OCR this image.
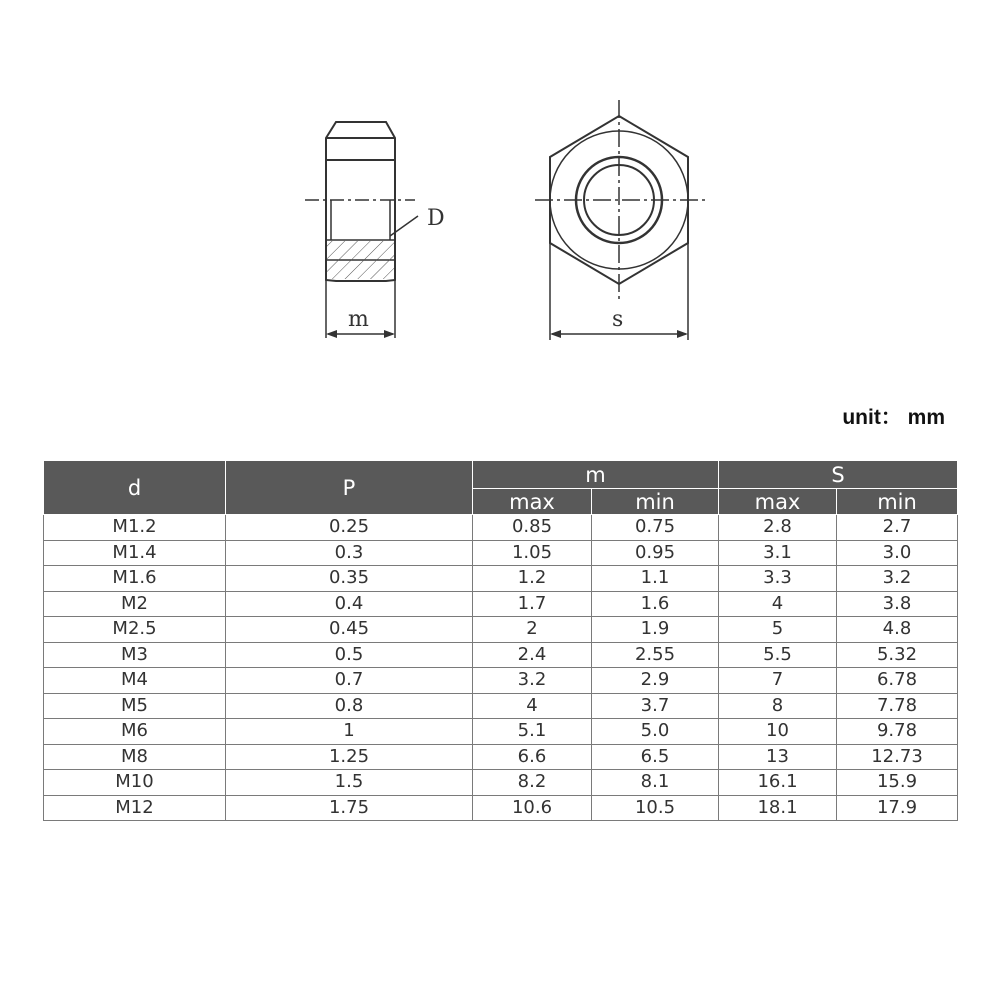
D
m	s
unit： mm
d	P	m		S	
		max	min	max	min
M1.2	0.25	0.85	0.75	2.8	2.7
M1.4	0.3	1.05	0.95	3.1	3.0
M1.6	0.35	1.2	1.1	3.3	3.2
M2	0.4	1.7	1.6	4	3.8
M2.5	0.45	2	1.9	5	4.8
M3	0.5	2.4	2.55	5.5	5.32
M4	0.7	3.2	2.9	7	6.78
M5	0.8	4	3.7	8	7.78
M6	1	5.1	5.0	10	9.78
M8	1.25	6.6	6.5	13	12.73
M10	1.5	8.2	8.1	16.1	15.9
M12	1.75	10.6	10.5	18.1	17.9
